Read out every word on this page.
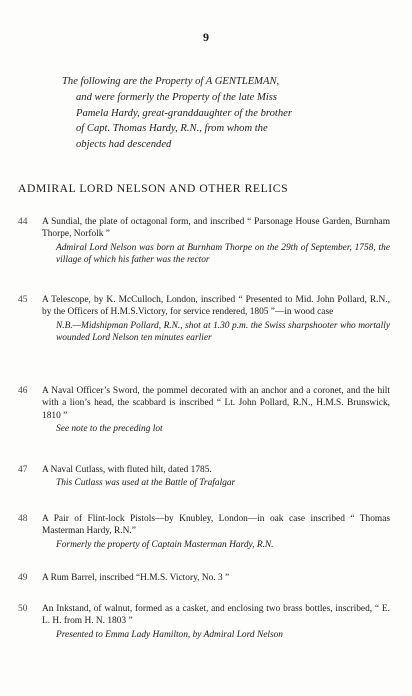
9
The following are the Property of A GENTLEMAN,
and were formerly the Property of the late Miss
Pamela Hardy, great-granddaughter of the brother
of Capt. Thomas Hardy, R.N., from whom the
objects had descended
ADMIRAL LORD NELSON AND OTHER RELICS
44	A Sundial, the plate of octagonal form, and inscribed “ Parsonage House Garden, Burnham Thorpe, Norfolk ”
Admiral Lord Nelson was born at Burnham Thorpe on the 29th of September, 1758, the village of which his father was the rector
45	A Telescope, by K. McCulloch, London, inscribed “ Presented to Mid. John Pollard, R.N., by the Officers of H.M.S.Victory, for service rendered, 1805 ”—in wood case
N.B.—Midshipman Pollard, R.N., shot at 1.30 p.m. the Swiss sharpshooter who mortally wounded Lord Nelson ten minutes earlier
46	A Naval Officer’s Sword, the pommel decorated with an anchor and a coronet, and the hilt with a lion’s head, the scabbard is inscribed “ Lt. John Pollard, R.N., H.M.S. Brunswick, 1810 ”
See note to the preceding lot
47	A Naval Cutlass, with fluted hilt, dated 1785.
This Cutlass was used at the Battle of Trafalgar
48	A Pair of Flint-lock Pistols—by Knubley, London—in oak case inscribed “ Thomas Masterman Hardy, R.N.”
Formerly the property of Captain Masterman Hardy, R.N.
49	A Rum Barrel, inscribed “H.M.S. Victory, No. 3 ”
50	An Inkstand, of walnut, formed as a casket, and enclosing two brass bottles, inscribed, “ E. L. H. from H. N. 1803 ”
Presented to Emma Lady Hamilton, by Admiral Lord Nelson
